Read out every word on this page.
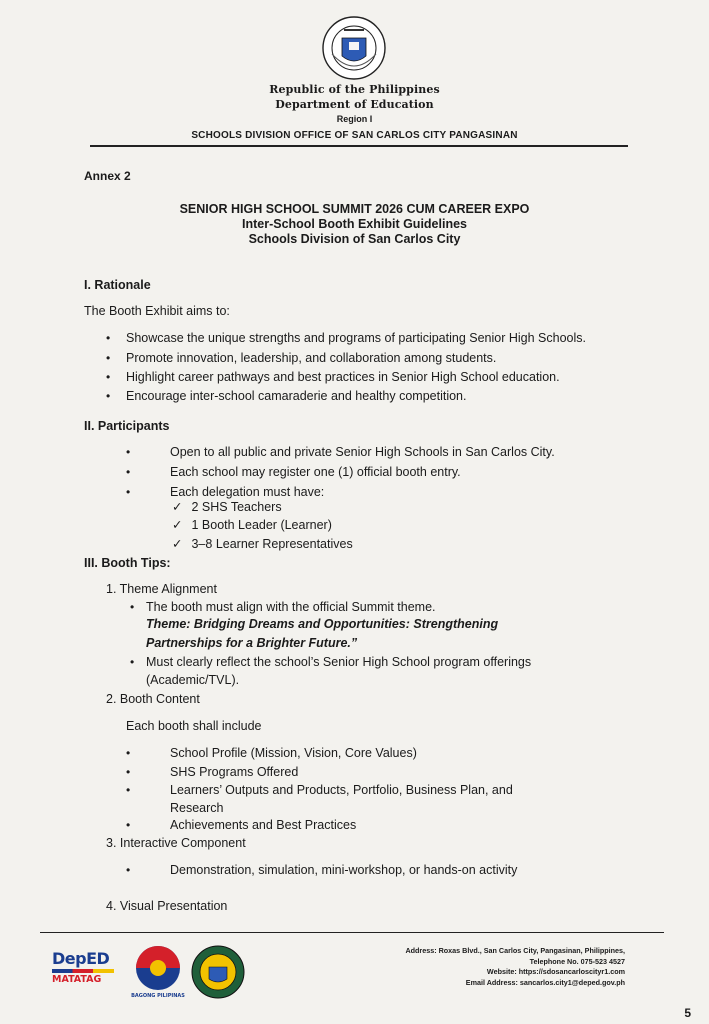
Republic of the Philippines
Department of Education
Region I
SCHOOLS DIVISION OFFICE OF SAN CARLOS CITY PANGASINAN
Annex 2
SENIOR HIGH SCHOOL SUMMIT 2026 CUM CAREER EXPO
Inter-School Booth Exhibit Guidelines
Schools Division of San Carlos City
I. Rationale
The Booth Exhibit aims to:
• Showcase the unique strengths and programs of participating Senior High Schools.
• Promote innovation, leadership, and collaboration among students.
• Highlight career pathways and best practices in Senior High School education.
• Encourage inter-school camaraderie and healthy competition.
II. Participants
•	Open to all public and private Senior High Schools in San Carlos City.
•	Each school may register one (1) official booth entry.
•	Each delegation must have:
✓ 2 SHS Teachers
✓ 1 Booth Leader (Learner)
✓ 3–8 Learner Representatives
III. Booth Tips:
1. Theme Alignment
• The booth must align with the official Summit theme.
Theme: Bridging Dreams and Opportunities: Strengthening
Partnerships for a Brighter Future.”
• Must clearly reflect the school’s Senior High School program offerings
(Academic/TVL).
2. Booth Content
Each booth shall include
•	School Profile (Mission, Vision, Core Values)
•	SHS Programs Offered
•	Learners’ Outputs and Products, Portfolio, Business Plan, and
Research
•	Achievements and Best Practices
3. Interactive Component
•	Demonstration, simulation, mini-workshop, or hands-on activity
4. Visual Presentation
DepED
MATATAG
BAGONG PILIPINAS
Address: Roxas Blvd., San Carlos City, Pangasinan, Philippines,
Telephone No. 075-523 4527
Website: https://sdosancarloscityr1.com
Email Address: sancarlos.city1@deped.gov.ph
5
